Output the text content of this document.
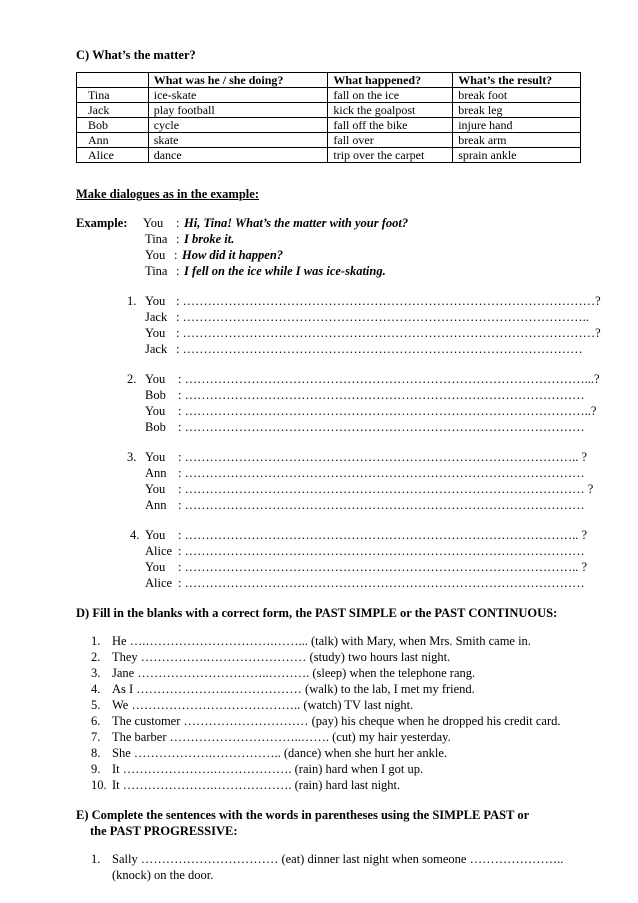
C) What’s the matter?
	What was he / she doing?	What happened?	What’s the result?
Tina	ice-skate	fall on the ice	break foot
Jack	play football	kick the goalpost	break leg
Bob	cycle	fall off the bike	injure hand
Ann	skate	fall over	break arm
Alice	dance	trip over the carpet	sprain ankle
Make dialogues as in the example:
Example: You : Hi, Tina! What’s the matter with your foot?
Tina : I broke it.
You : How did it happen?
Tina : I fell on the ice while I was ice-skating.
1. You : ………………………………………………………………………………………?
Jack : ……………………………………………………………………………………..
You : ………………………………………………………………………………………?
Jack : ……………………………………………………………………………………
2. You : ……………………………………………………………………………………...?
Bob : ……………………………………………………………………………………
You : ……………………………………………………………………………………..?
Bob : ……………………………………………………………………………………
3. You : ………………………………………………………………………………….. ?
Ann : ……………………………………………………………………………………
You : …………………………………………………………………………………… ?
Ann : ……………………………………………………………………………………
4. You : ………………………………………………………………………………….. ?
Alice : ……………………………………………………………………………………
You : ………………………………………………………………………………….. ?
Alice : ……………………………………………………………………………………
D) Fill in the blanks with a correct form, the PAST SIMPLE or the PAST CONTINUOUS:
1. He ….………………………….……... (talk) with Mary, when Mrs. Smith came in.
2. They …………….…………………… (study) two hours last night.
3. Jane …………………………..………. (sleep) when the telephone rang.
4. As I ………………….……………… (walk) to the lab, I met my friend.
5. We ………………………………….. (watch) TV last night.
6. The customer ………………………… (pay) his cheque when he dropped his credit card.
7. The barber …………………………..……. (cut) my hair yesterday.
8. She ……………….…………….. (dance) when she hurt her ankle.
9. It ………………….………………. (rain) hard when I got up.
10. It ………………….………………. (rain) hard last night.
E) Complete the sentences with the words in parentheses using the SIMPLE PAST or
the PAST PROGRESSIVE:
1. Sally …………………………… (eat) dinner last night when someone …………………..
(knock) on the door.
